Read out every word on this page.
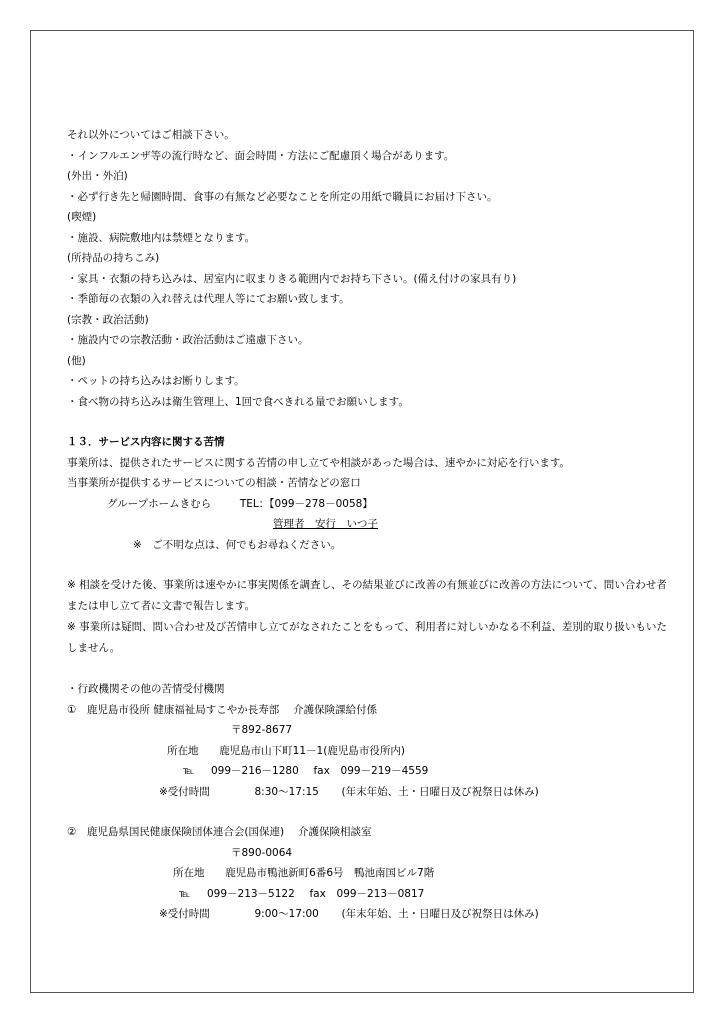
それ以外についてはご相談下さい。
・インフルエンザ等の流行時など、面会時間・方法にご配慮頂く場合があります。
(外出・外泊)
・必ず行き先と帰園時間、食事の有無など必要なことを所定の用紙で職員にお届け下さい。
(喫煙)
・施設、病院敷地内は禁煙となります。
(所持品の持ちこみ)
・家具・衣類の持ち込みは、居室内に収まりきる範囲内でお持ち下さい。(備え付けの家具有り)
・季節毎の衣類の入れ替えは代理人等にてお願い致します。
(宗教・政治活動)
・施設内での宗教活動・政治活動はご遠慮下さい。
(他)
・ペットの持ち込みはお断りします。
・食べ物の持ち込みは衛生管理上、1回で食べきれる量でお願いします。
１３．サービス内容に関する苦情
事業所は、提供されたサービスに関する苦情の申し立てや相談があった場合は、速やかに対応を行います。
当事業所が提供するサービスについての相談・苦情などの窓口
グループホームきむら	TEL：【099－278－0058】
管理者　安行　いつ子
※　ご不明な点は、何でもお尋ねください。
※ 相談を受けた後、事業所は速やかに事実関係を調査し、その結果並びに改善の有無並びに改善の方法について、問い合わせ者または申し立て者に文書で報告します。
※ 事業所は疑問、問い合わせ及び苦情申し立てがなされたことをもって、利用者に対しいかなる不利益、差別的取り扱いもいたしません。
・行政機関その他の苦情受付機関
①　鹿児島市役所 健康福祉局すこやか長寿部　 介護保険課給付係
〒892-8677
所在地 鹿児島市山下町11－1(鹿児島市役所内)
℡ 099－216－1280 fax 099－219－4559
※受付時間	8:30～17:15 (年末年始、土・日曜日及び祝祭日は休み)
②　鹿児島県国民健康保険団体連合会(国保連)　 介護保険相談室
〒890-0064
所在地 鹿児島市鴨池新町6番6号　鴨池南国ビル7階
℡ 099－213－5122 fax 099－213－0817
※受付時間	9:00～17:00 (年末年始、土・日曜日及び祝祭日は休み)
